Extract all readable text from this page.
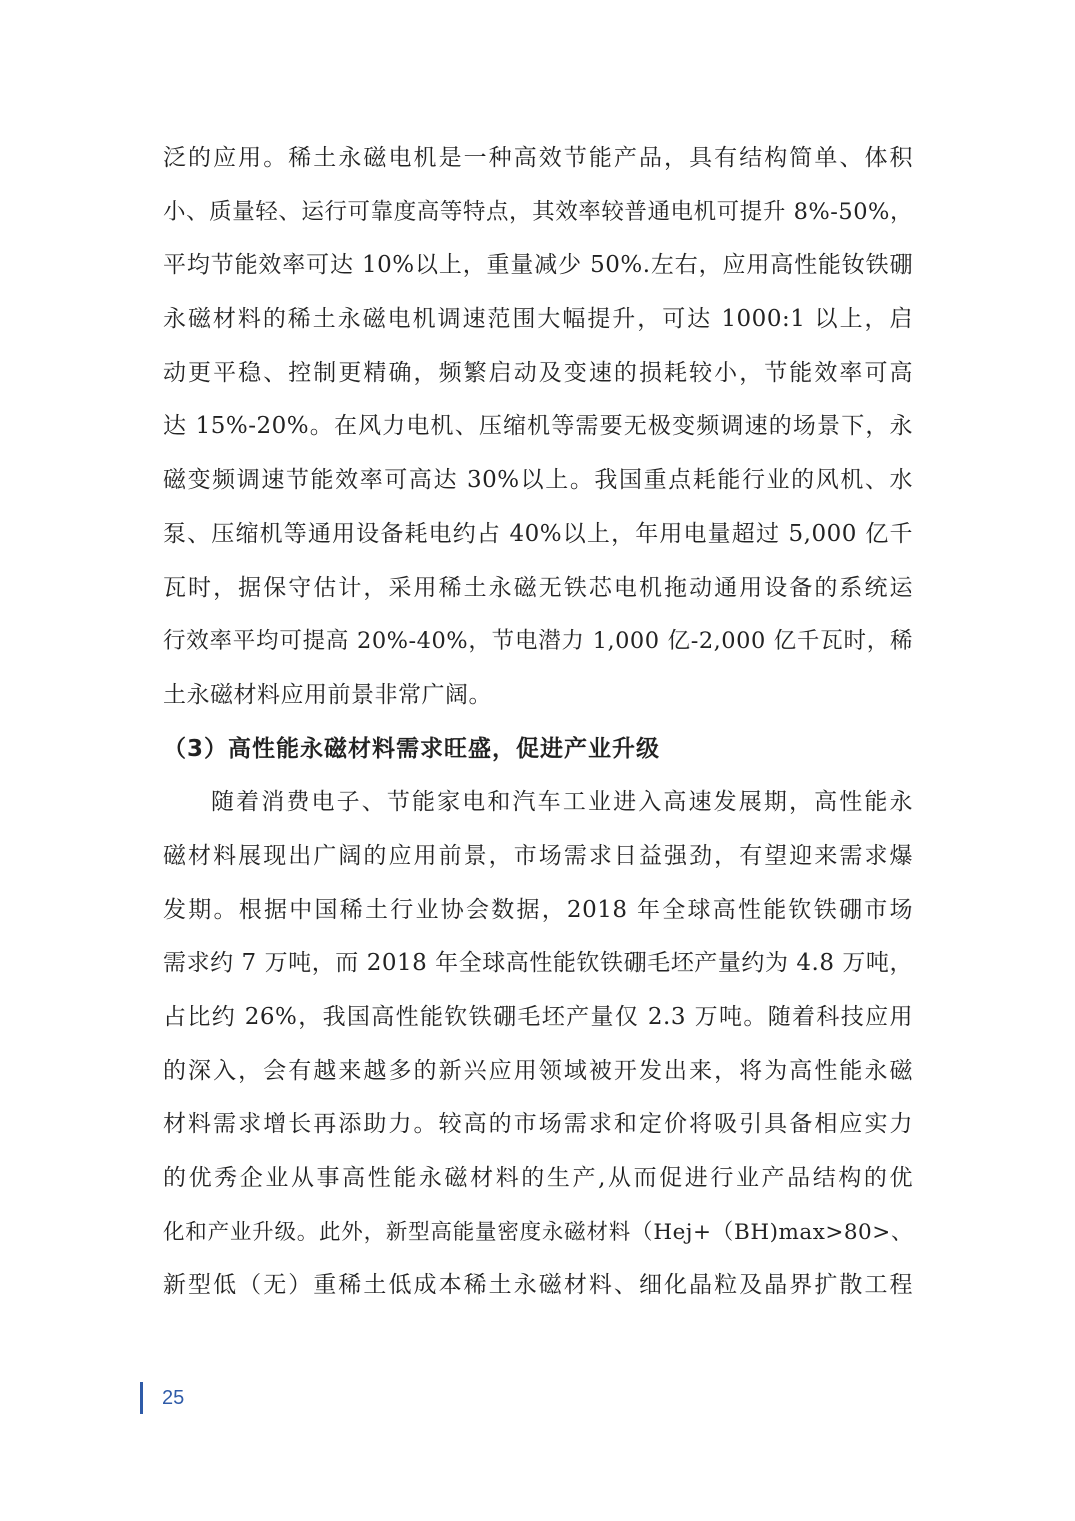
泛的应用。稀土永磁电机是一种高效节能产品，具有结构简单、体积
小、质量轻、运行可靠度高等特点，其效率较普通电机可提升 8%-50%，
平均节能效率可达 10%以上，重量减少 50%.左右，应用高性能钕铁硼
永磁材料的稀土永磁电机调速范围大幅提升，可达 1000:1 以上，启
动更平稳、控制更精确，频繁启动及变速的损耗较小，节能效率可高
达 15%-20%。在风力电机、压缩机等需要无极变频调速的场景下，永
磁变频调速节能效率可高达 30%以上。我国重点耗能行业的风机、水
泵、压缩机等通用设备耗电约占 40%以上，年用电量超过 5,000 亿千
瓦时，据保守估计，采用稀土永磁无铁芯电机拖动通用设备的系统运
行效率平均可提高 20%-40%，节电潜力 1,000 亿-2,000 亿千瓦时，稀
土永磁材料应用前景非常广阔。
（3）高性能永磁材料需求旺盛，促进产业升级
随着消费电子、节能家电和汽车工业进入高速发展期，高性能永
磁材料展现出广阔的应用前景，市场需求日益强劲，有望迎来需求爆
发期。根据中国稀土行业协会数据，2018 年全球高性能钦铁硼市场
需求约 7 万吨，而 2018 年全球高性能钦铁硼毛坯产量约为 4.8 万吨，
占比约 26%，我国高性能钦铁硼毛坯产量仅 2.3 万吨。随着科技应用
的深入，会有越来越多的新兴应用领域被开发出来，将为高性能永磁
材料需求增长再添助力。较高的市场需求和定价将吸引具备相应实力
的优秀企业从事高性能永磁材料的生产,从而促进行业产品结构的优
化和产业升级。此外，新型高能量密度永磁材料（Hej+（BH)max>80>、
新型低（无）重稀土低成本稀土永磁材料、细化晶粒及晶界扩散工程
25
